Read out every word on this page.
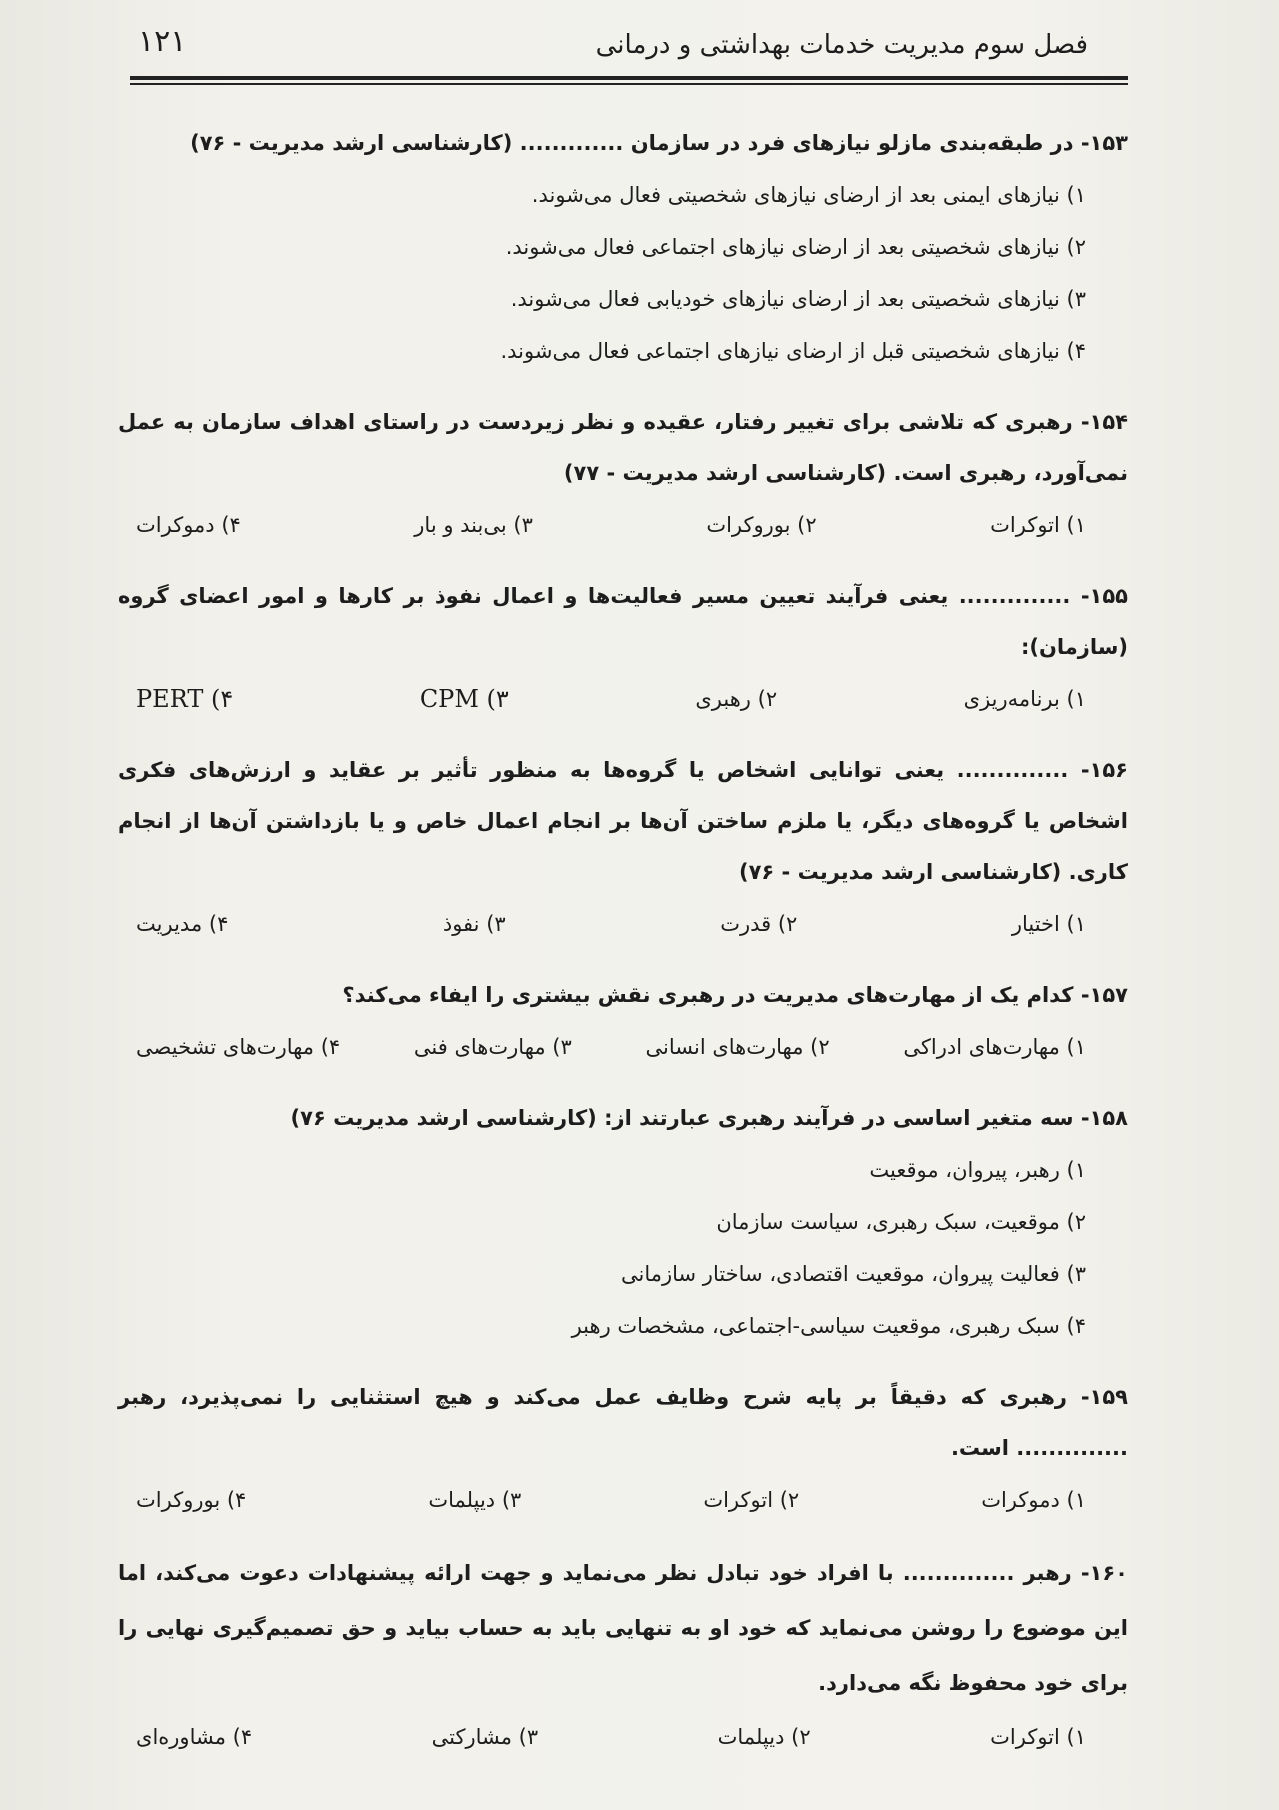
۱۲۱	فصل سوم مدیریت خدمات بهداشتی و درمانی
۱۵۳- در طبقه‌بندی مازلو نیازهای فرد در سازمان ............. (کارشناسی ارشد مدیریت - ۷۶)
۱) نیازهای ایمنی بعد از ارضای نیازهای شخصیتی فعال می‌شوند.
۲) نیازهای شخصیتی بعد از ارضای نیازهای اجتماعی فعال می‌شوند.
۳) نیازهای شخصیتی بعد از ارضای نیازهای خودیابی فعال می‌شوند.
۴) نیازهای شخصیتی قبل از ارضای نیازهای اجتماعی فعال می‌شوند.
۱۵۴- رهبری که تلاشی برای تغییر رفتار، عقیده و نظر زیردست در راستای اهداف سازمان به عمل نمی‌آورد، رهبری است. (کارشناسی ارشد مدیریت - ۷۷)
۱) اتوکرات
۲) بوروکرات
۳) بی‌بند و بار
۴) دموکرات
۱۵۵- .............. یعنی فرآیند تعیین مسیر فعالیت‌ها و اعمال نفوذ بر کارها و امور اعضای گروه (سازمان):
۱) برنامه‌ریزی
۲) رهبری
۳) CPM
۴) PERT
۱۵۶- .............. یعنی توانایی اشخاص یا گروه‌ها به منظور تأثیر بر عقاید و ارزش‌های فکری اشخاص یا گروه‌های دیگر، یا ملزم ساختن آن‌ها بر انجام اعمال خاص و یا بازداشتن آن‌ها از انجام کاری. (کارشناسی ارشد مدیریت - ۷۶)
۱) اختیار
۲) قدرت
۳) نفوذ
۴) مدیریت
۱۵۷- کدام یک از مهارت‌های مدیریت در رهبری نقش بیشتری را ایفاء می‌کند؟
۱) مهارت‌های ادراکی
۲) مهارت‌های انسانی
۳) مهارت‌های فنی
۴) مهارت‌های تشخیصی
۱۵۸- سه متغیر اساسی در فرآیند رهبری عبارتند از: (کارشناسی ارشد مدیریت ۷۶)
۱) رهبر، پیروان، موقعیت
۲) موقعیت، سبک رهبری، سیاست سازمان
۳) فعالیت پیروان، موقعیت اقتصادی، ساختار سازمانی
۴) سبک رهبری، موقعیت سیاسی-اجتماعی، مشخصات رهبر
۱۵۹- رهبری که دقیقاً بر پایه شرح وظایف عمل می‌کند و هیچ استثنایی را نمی‌پذیرد، رهبر .............. است.
۱) دموکرات
۲) اتوکرات
۳) دیپلمات
۴) بوروکرات
۱۶۰- رهبر .............. با افراد خود تبادل نظر می‌نماید و جهت ارائه پیشنهادات دعوت می‌کند، اما این موضوع را روشن می‌نماید که خود او به تنهایی باید به حساب بیاید و حق تصمیم‌گیری نهایی را برای خود محفوظ نگه می‌دارد.
۱) اتوکرات
۲) دیپلمات
۳) مشارکتی
۴) مشاوره‌ای
